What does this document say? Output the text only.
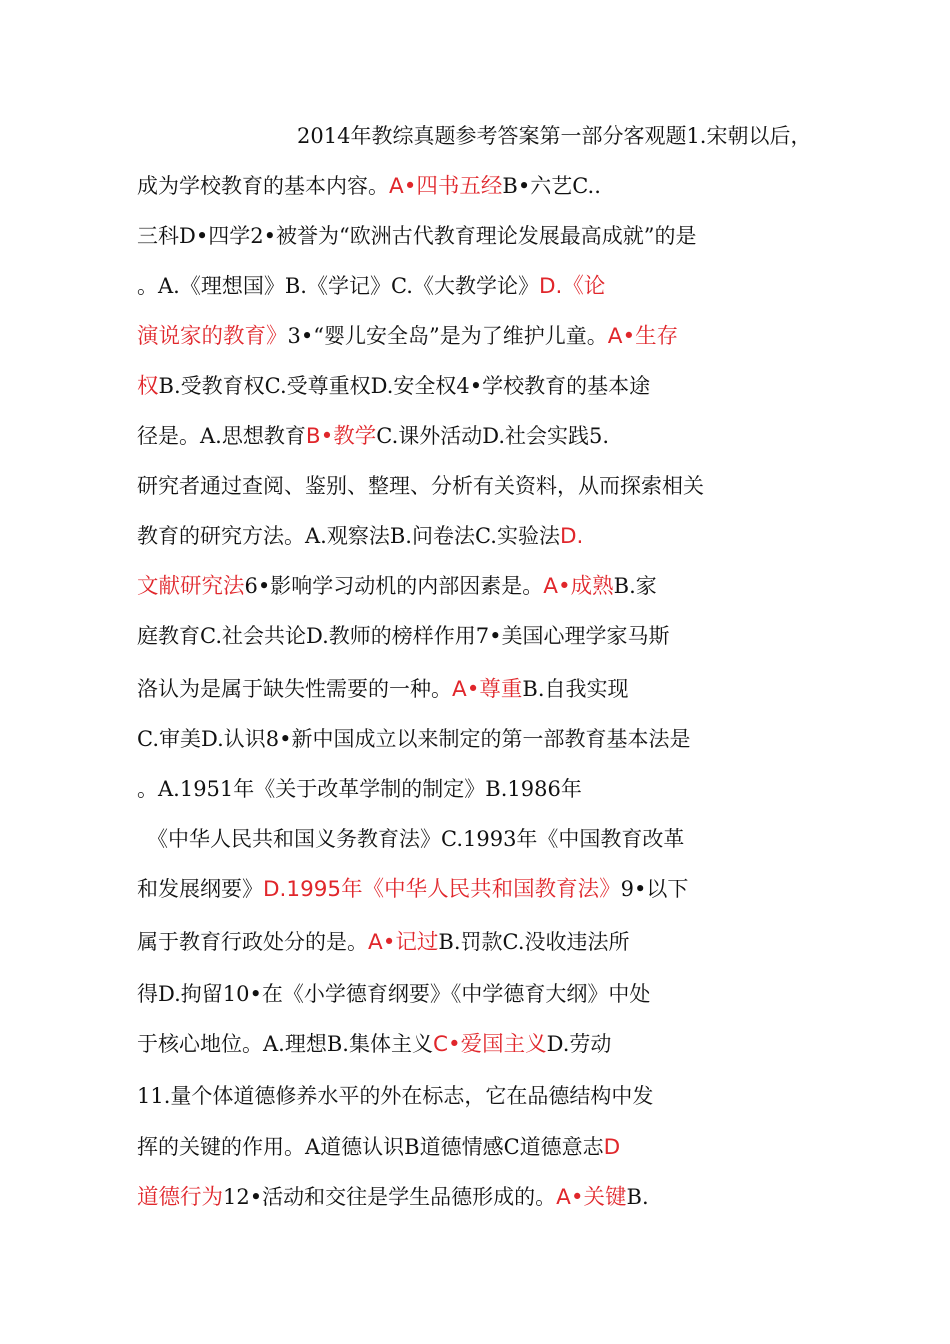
2014年教综真题参考答案第一部分客观题1.宋朝以后，
成为学校教育的基本内容。A•四书五经B•六艺C..
三科D•四学2•被誉为“欧洲古代教育理论发展最高成就”的是
。A.《理想国》B.《学记》C.《大教学论》D.《论
演说家的教育》3•“婴儿安全岛”是为了维护儿童。A•生存
权B.受教育权C.受尊重权D.安全权4•学校教育的基本途
径是。A.思想教育B•教学C.课外活动D.社会实践5.
研究者通过查阅、鉴别、整理、分析有关资料，从而探索相关
教育的研究方法。A.观察法B.问卷法C.实验法D.
文献研究法6•影响学习动机的内部因素是。A•成熟B.家
庭教育C.社会共论D.教师的榜样作用7•美国心理学家马斯
洛认为是属于缺失性需要的一种。A•尊重B.自我实现
C.审美D.认识8•新中国成立以来制定的第一部教育基本法是
。A.1951年《关于改革学制的制定》B.1986年
《中华人民共和国义务教育法》C.1993年《中国教育改革
和发展纲要》D.1995年《中华人民共和国教育法》9•以下
属于教育行政处分的是。A•记过B.罚款C.没收违法所
得D.拘留10•在《小学德育纲要》《中学德育大纲》中处
于核心地位。A.理想B.集体主义C•爱国主义D.劳动
11.量个体道德修养水平的外在标志，它在品德结构中发
挥的关键的作用。A道德认识B道德情感C道德意志D
道德行为12•活动和交往是学生品德形成的。A•关键B.
